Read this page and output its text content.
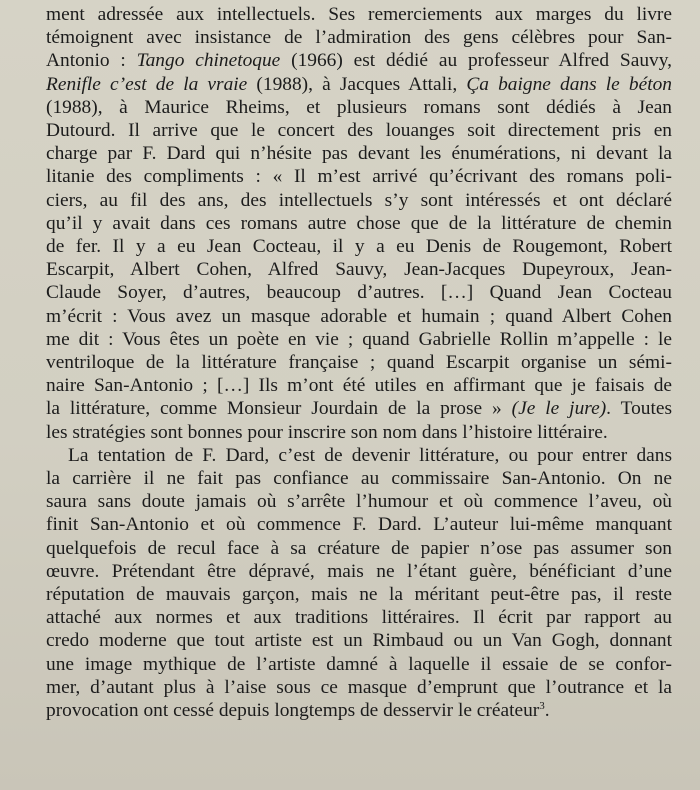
ment adressée aux intellectuels. Ses remerciements aux marges du livre
témoignent avec insistance de l’admiration des gens célèbres pour San-
Antonio : Tango chinetoque (1966) est dédié au professeur Alfred Sauvy,
Renifle c’est de la vraie (1988), à Jacques Attali, Ça baigne dans le béton
(1988), à Maurice Rheims, et plusieurs romans sont dédiés à Jean
Dutourd. Il arrive que le concert des louanges soit directement pris en
charge par F. Dard qui n’hésite pas devant les énumérations, ni devant la
litanie des compliments : « Il m’est arrivé qu’écrivant des romans poli-
ciers, au fil des ans, des intellectuels s’y sont intéressés et ont déclaré
qu’il y avait dans ces romans autre chose que de la littérature de chemin
de fer. Il y a eu Jean Cocteau, il y a eu Denis de Rougemont, Robert
Escarpit, Albert Cohen, Alfred Sauvy, Jean-Jacques Dupeyroux, Jean-
Claude Soyer, d’autres, beaucoup d’autres. […] Quand Jean Cocteau
m’écrit : Vous avez un masque adorable et humain ; quand Albert Cohen
me dit : Vous êtes un poète en vie ; quand Gabrielle Rollin m’appelle : le
ventriloque de la littérature française ; quand Escarpit organise un sémi-
naire San-Antonio ; […] Ils m’ont été utiles en affirmant que je faisais de
la littérature, comme Monsieur Jourdain de la prose » (Je le jure). Toutes
les stratégies sont bonnes pour inscrire son nom dans l’histoire littéraire.
La tentation de F. Dard, c’est de devenir littérature, ou pour entrer dans
la carrière il ne fait pas confiance au commissaire San-Antonio. On ne
saura sans doute jamais où s’arrête l’humour et où commence l’aveu, où
finit San-Antonio et où commence F. Dard. L’auteur lui-même manquant
quelquefois de recul face à sa créature de papier n’ose pas assumer son
œuvre. Prétendant être dépravé, mais ne l’étant guère, bénéficiant d’une
réputation de mauvais garçon, mais ne la méritant peut-être pas, il reste
attaché aux normes et aux traditions littéraires. Il écrit par rapport au
credo moderne que tout artiste est un Rimbaud ou un Van Gogh, donnant
une image mythique de l’artiste damné à laquelle il essaie de se confor-
mer, d’autant plus à l’aise sous ce masque d’emprunt que l’outrance et la
provocation ont cessé depuis longtemps de desservir le créateur$^3$.
